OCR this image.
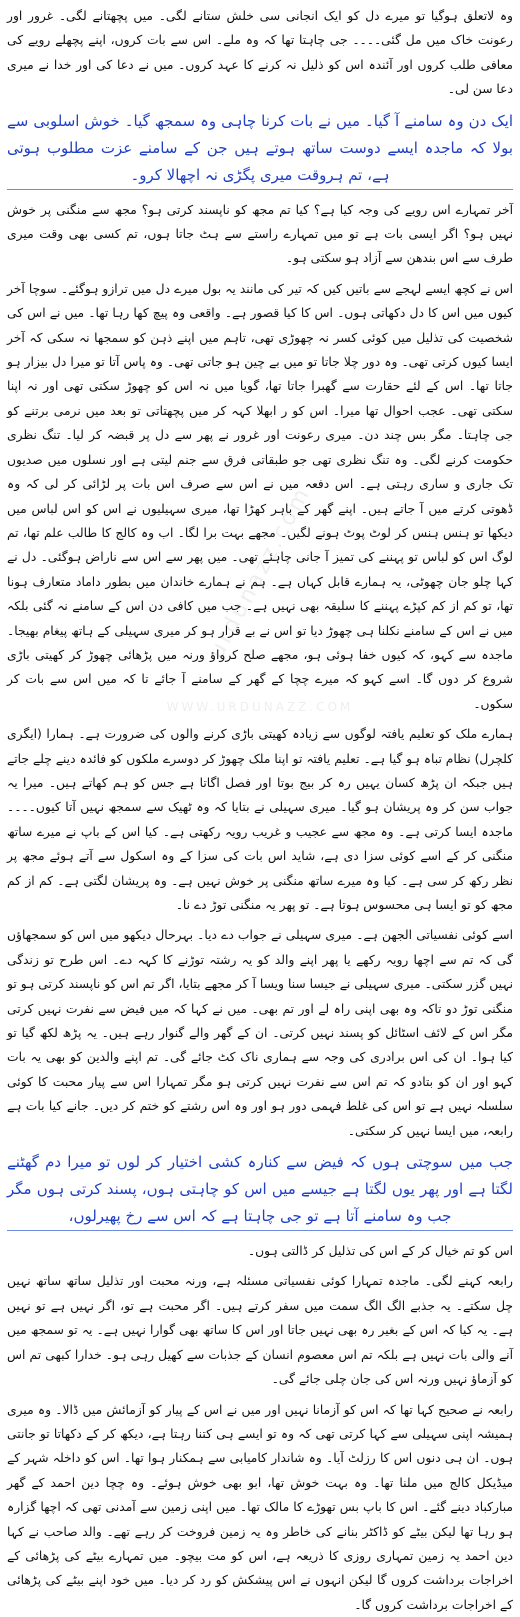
urdunazz.com
WWW.URDUNAZZ.COM

وہ لاتعلق ہوگیا تو میرے دل کو ایک انجانی سی خلش ستانے لگی۔ میں پچھتانے لگی۔ غرور اور رعونت خاک میں مل گئی۔۔۔۔ جی چاہتا تھا کہ وہ ملے۔ اس سے بات کروں، اپنے پچھلے رویے کی معافی طلب کروں اور آئندہ اس کو ذلیل نہ کرنے کا عہد کروں۔ میں نے دعا کی اور خدا نے میری دعا سن لی۔

ایک دن وہ سامنے آ گیا۔ میں نے بات کرنا چاہی وہ سمجھ گیا۔ خوش اسلوبی سے بولا کہ ماجدہ ایسے دوست ساتھ ہوتے ہیں جن کے سامنے عزت مطلوب ہوتی ہے، تم ہروقت میری پگڑی نہ اچھالا کرو۔

آخر تمہارے اس رویے کی وجہ کیا ہے؟ کیا تم مجھ کو ناپسند کرتی ہو؟ مجھ سے منگنی پر خوش نہیں ہو؟ اگر ایسی بات ہے تو میں تمہارے راستے سے ہٹ جاتا ہوں، تم کسی بھی وقت میری طرف سے اس بندھن سے آزاد ہو سکتی ہو۔

اس نے کچھ ایسے لہجے سے باتیں کیں کہ تیر کی مانند یہ بول میرے دل میں ترازو ہوگئے۔ سوچا آخر کیوں میں اس کا دل دکھاتی ہوں۔ اس کا کیا قصور ہے۔ واقعی وہ پیچ کھا رہا تھا۔ میں نے اس کی شخصیت کی تذلیل میں کوئی کسر نہ چھوڑی تھی، تاہم میں اپنے ذہن کو سمجھا نہ سکی کہ آخر ایسا کیوں کرتی تھی۔ وہ دور چلا جاتا تو میں بے چین ہو جاتی تھی۔ وہ پاس آتا تو میرا دل بیزار ہو جاتا تھا۔ اس کے لئے حقارت سے گھبرا جاتا تھا، گویا میں نہ اس کو چھوڑ سکتی تھی اور نہ اپنا سکتی تھی۔ عجب احوال تھا میرا۔ اس کو ر ابھلا کہہ کر میں پچھتاتی تو بعد میں نرمی برتنے کو جی چاہتا۔ مگر بس چند دن۔ میری رعونت اور غرور نے پھر سے دل پر قبضہ کر لیا۔ تنگ نظری حکومت کرنے لگی۔ وہ تنگ نظری تھی جو طبقاتی فرق سے جنم لیتی ہے اور نسلوں میں صدیوں تک جاری و ساری رہتی ہے۔ اس دفعہ میں نے اس سے صرف اس بات پر لڑائی کر لی کہ وہ ڈھوتی کرتے میں آ جاتے ہیں۔ اپنے گھر کے باہر کھڑا تھا، میری سہیلیوں نے اس کو اس لباس میں دیکھا تو ہنس ہنس کر لوٹ پوٹ ہونے لگیں۔ مجھے بہت برا لگا۔ اب وہ کالج کا طالب علم تھا، تم لوگ اس کو لباس تو پہننے کی تمیز آ جانی چاہئے تھی۔ میں پھر سے اس سے ناراض ہوگئی۔ دل نے کہا چلو جان چھوٹی، یہ ہمارے قابل کہاں ہے۔ ہم نے ہمارے خاندان میں بطور داماد متعارف ہونا تھا، تو کم از کم کپڑے پہننے کا سلیقہ بھی نہیں ہے۔ جب میں کافی دن اس کے سامنے نہ گئی بلکہ میں نے اس کے سامنے نکلنا ہی چھوڑ دیا تو اس نے بے قرار ہو کر میری سہیلی کے ہاتھ پیغام بھیجا۔ ماجدہ سے کہو، کہ کیوں خفا ہوئی ہو، مجھے صلح کرواؤ ورنہ میں پڑھائی چھوڑ کر کھیتی باڑی شروع کر دوں گا۔ اسے کہو کہ میرے چچا کے گھر کے سامنے آ جائے تا کہ میں اس سے بات کر سکوں۔

ہمارے ملک کو تعلیم یافتہ لوگوں سے زیادہ کھیتی باڑی کرنے والوں کی ضرورت ہے۔ ہمارا (ایگری کلچرل) نظام تباہ ہو گیا ہے۔ تعلیم یافتہ تو اپنا ملک چھوڑ کر دوسرے ملکوں کو فائدہ دینے چلے جاتے ہیں جبکہ ان پڑھ کسان یہیں رہ کر بیج بوتا اور فصل اگاتا ہے جس کو ہم کھاتے ہیں۔ میرا یہ جواب سن کر وہ پریشان ہو گیا۔ میری سہیلی نے بتایا کہ وہ ٹھیک سے سمجھ نہیں آتا کیوں۔۔۔۔ ماجدہ ایسا کرتی ہے۔ وہ مجھ سے عجیب و غریب رویہ رکھتی ہے۔ کیا اس کے باپ نے میرے ساتھ منگنی کر کے اسے کوئی سزا دی ہے، شاید اس بات کی سزا کے وہ اسکول سے آتے ہوئے مجھ پر نظر رکھ کر سی ہے۔ کیا وہ میرے ساتھ منگنی پر خوش نہیں ہے۔ وہ پریشان لگتی ہے۔ کم از کم مجھ کو تو ایسا ہی محسوس ہوتا ہے۔ تو پھر یہ منگنی توڑ دے نا۔

اسے کوئی نفسیاتی الجھن ہے۔ میری سہیلی نے جواب دے دیا۔ بہرحال دیکھو میں اس کو سمجھاؤں گی کہ تم سے اچھا رویہ رکھے یا پھر اپنے والد کو یہ رشتہ توڑنے کا کہہ دے۔ اس طرح تو زندگی نہیں گزر سکتی۔ میری سہیلی نے جیسا سنا ویسا آ کر مجھے بتایا، اگر تم اس کو ناپسند کرتی ہو تو منگنی توڑ دو تاکہ وہ بھی اپنی راہ لے اور تم بھی۔ میں نے کہا کہ میں فیض سے نفرت نہیں کرتی مگر اس کے لائف اسٹائل کو پسند نہیں کرتی۔ ان کے گھر والے گنوار رہے ہیں۔ یہ پڑھ لکھ گیا تو کیا ہوا۔ ان کی اس برادری کی وجہ سے ہماری ناک کٹ جائے گی۔ تم اپنے والدین کو بھی یہ بات کہو اور ان کو بتادو کہ تم اس سے نفرت نہیں کرتی ہو مگر تمہارا اس سے پیار محبت کا کوئی سلسلہ نہیں ہے تو اس کی غلط فہمی دور ہو اور وہ اس رشتے کو ختم کر دیں۔ جانے کیا بات ہے رابعہ، میں ایسا نہیں کر سکتی۔

جب میں سوچتی ہوں کہ فیض سے کنارہ کشی اختیار کر لوں تو میرا دم گھٹنے لگتا ہے اور پھر یوں لگتا ہے جیسے میں اس کو چاہتی ہوں، پسند کرتی ہوں مگر جب وہ سامنے آتا ہے تو جی چاہتا ہے کہ اس سے رخ پھیرلوں،

اس کو تم خیال کر کے اس کی تذلیل کر ڈالتی ہوں۔

رابعہ کہنے لگی۔ ماجدہ تمہارا کوئی نفسیاتی مسئلہ ہے، ورنہ محبت اور تذلیل ساتھ ساتھ نہیں چل سکتے۔ یہ جذبے الگ الگ سمت میں سفر کرتے ہیں۔ اگر محبت ہے تو، اگر نہیں ہے تو نہیں ہے۔ یہ کیا کہ اس کے بغیر رہ بھی نہیں جاتا اور اس کا ساتھ بھی گوارا نہیں ہے۔ یہ تو سمجھ میں آنے والی بات نہیں ہے بلکہ تم اس معصوم انسان کے جذبات سے کھیل رہی ہو۔ خدارا کبھی تم اس کو آزماؤ نہیں ورنہ اس کی جان چلی جائے گی۔

رابعہ نے صحیح کہا تھا کہ اس کو آزمانا نہیں اور میں نے اس کے پیار کو آزمائش میں ڈالا۔ وہ میری ہمیشہ اپنی سہیلی سے کہا کرتی تھی کہ وہ تو ایسے ہی کتنا رہتا ہے، دیکھ کر کے دکھاتا تو جانتی ہوں۔ ان ہی دنوں اس کا رزلٹ آیا۔ وہ شاندار کامیابی سے ہمکنار ہوا تھا۔ اس کو داخلہ شہر کے میڈیکل کالج میں ملنا تھا۔ وہ بہت خوش تھا، ابو بھی خوش ہوئے۔ وہ چچا دین احمد کے گھر مبارکباد دینے گئے۔ اس کا باپ بس تھوڑے کا مالک تھا۔ میں اپنی زمین سے آمدنی تھی کہ اچھا گزارہ ہو رہا تھا لیکن بیٹے کو ڈاکٹر بنانے کی خاطر وہ یہ زمین فروخت کر رہے تھے۔ والد صاحب نے کہا دین احمد یہ زمین تمہاری روزی کا ذریعہ ہے، اس کو مت بیچو۔ میں تمہارے بیٹے کی پڑھائی کے اخراجات برداشت کروں گا لیکن انہوں نے اس پیشکش کو رد کر دیا۔ میں خود اپنے بیٹے کی پڑھائی کے اخراجات برداشت کروں گا۔
